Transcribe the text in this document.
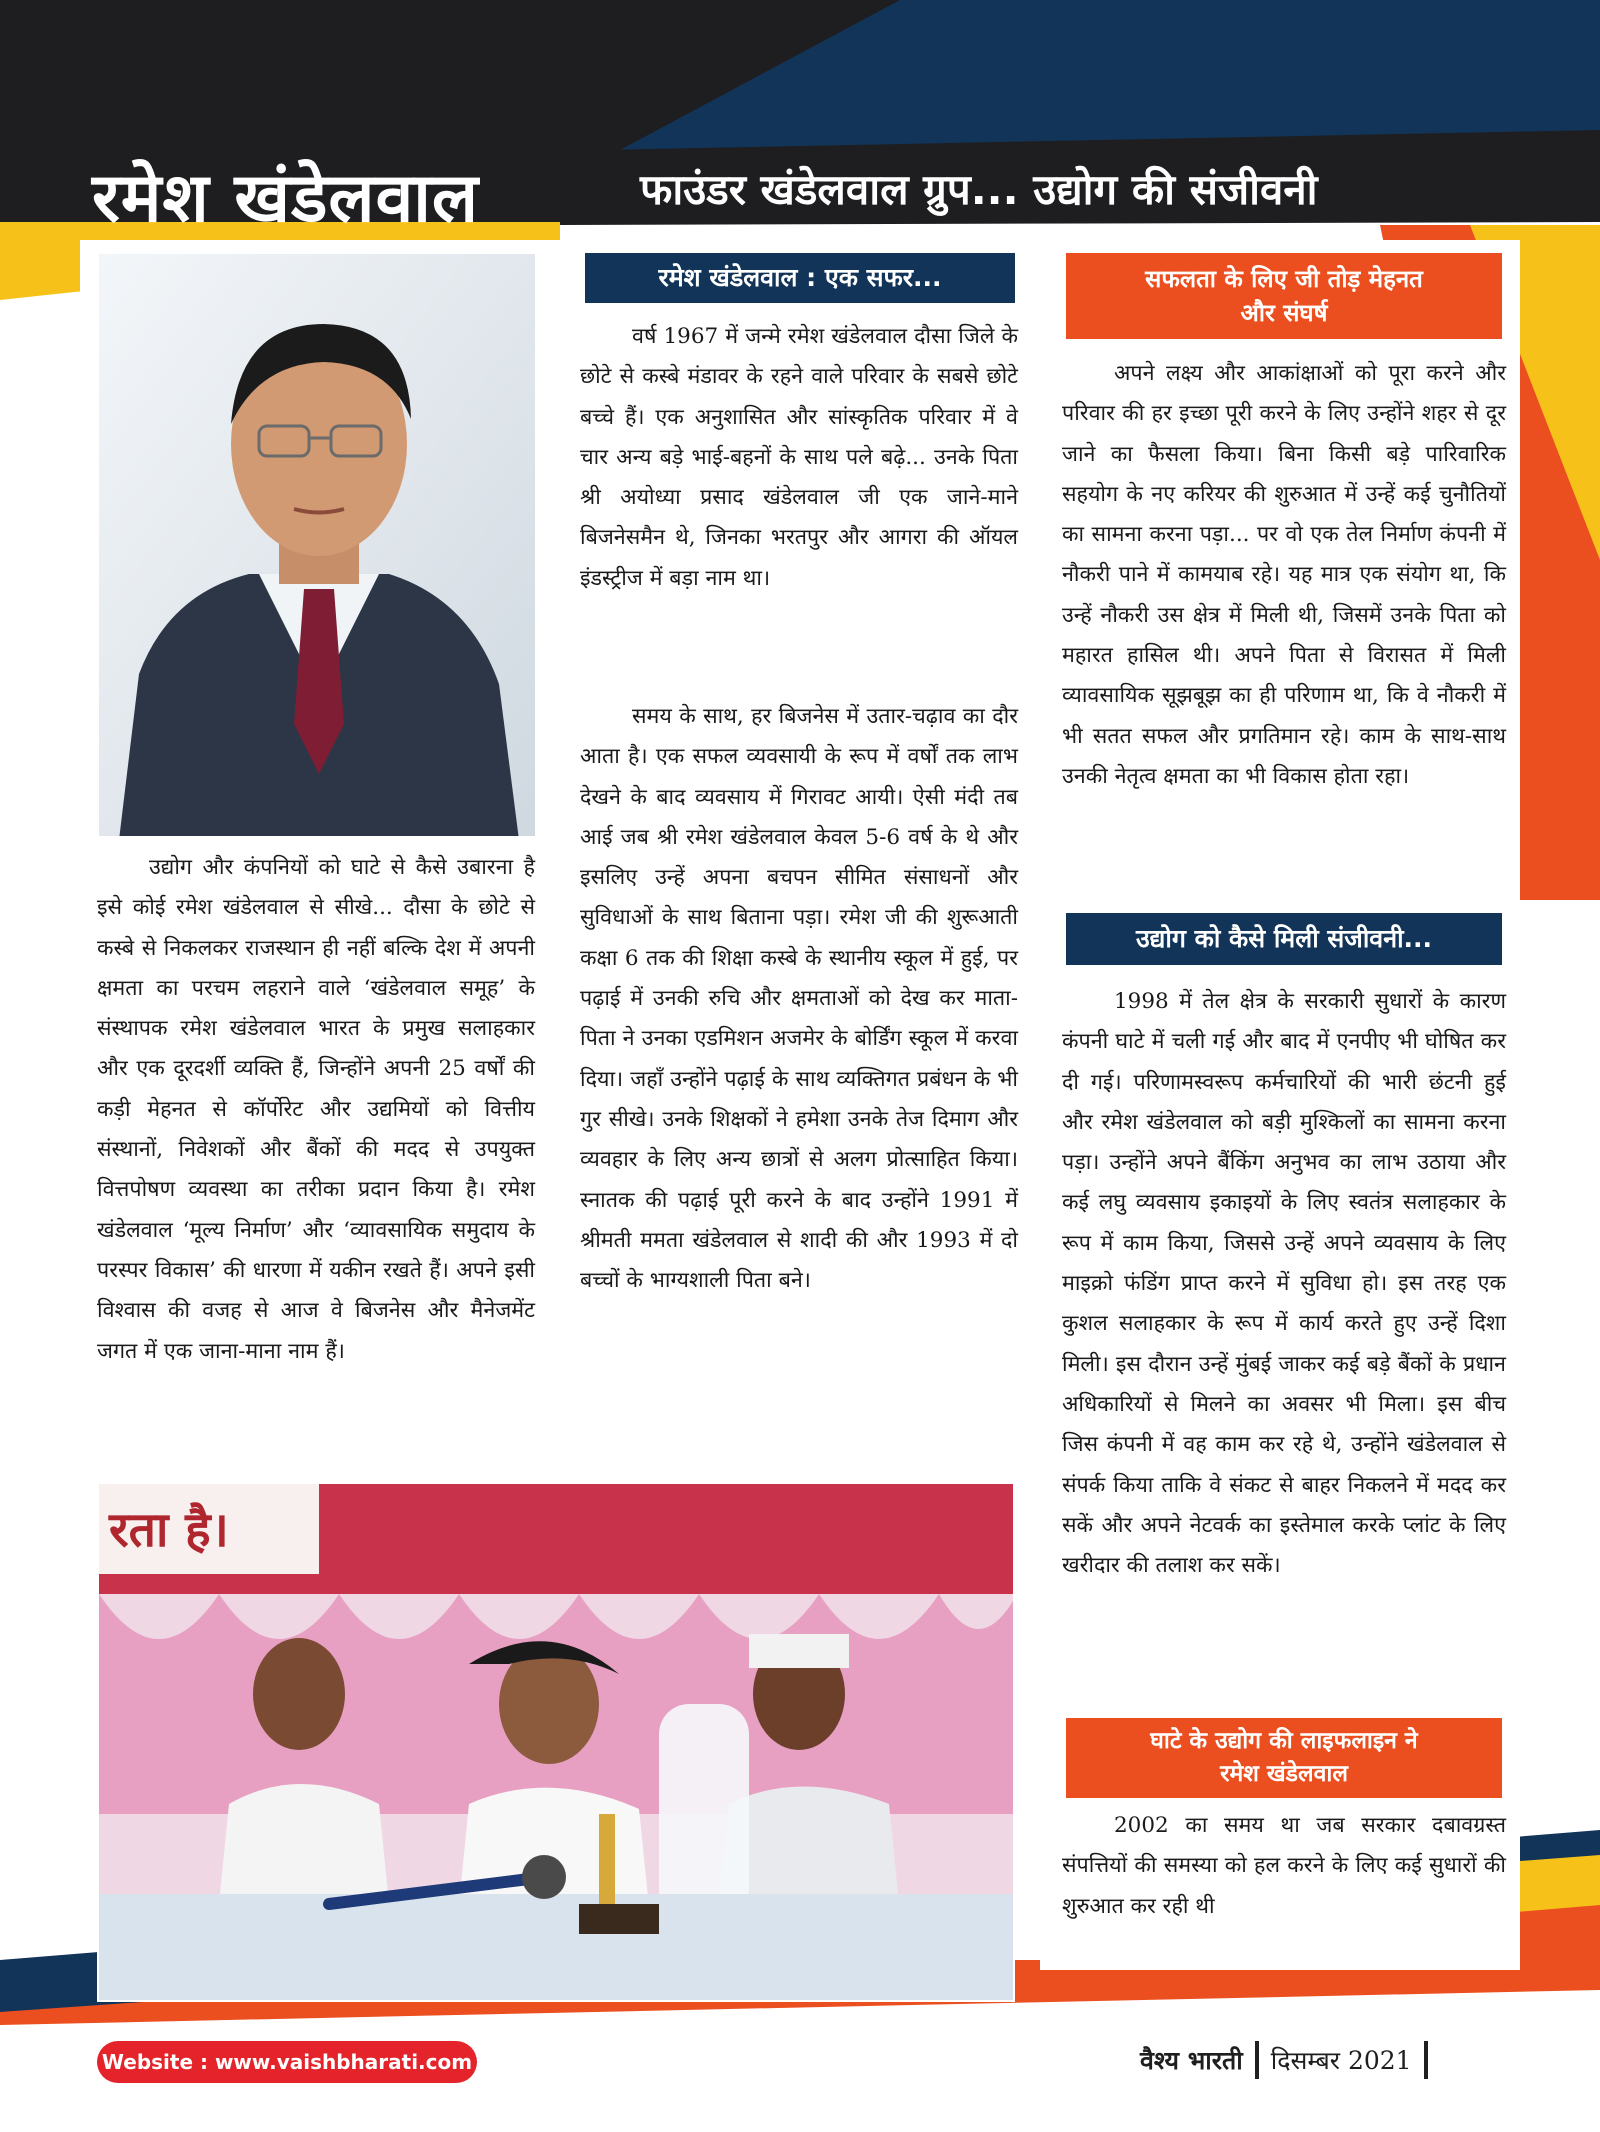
रमेश खंडेलवाल	फाउंडर खंडेलवाल ग्रुप... उद्योग की संजीवनी

उद्योग और कंपनियों को घाटे से कैसे उबारना है इसे कोई रमेश खंडेलवाल से सीखे... दौसा के छोटे से कस्बे से निकलकर राजस्थान ही नहीं बल्कि देश में अपनी क्षमता का परचम लहराने वाले ‘खंडेलवाल समूह’ के संस्थापक रमेश खंडेलवाल भारत के प्रमुख सलाहकार और एक दूरदर्शी व्यक्ति हैं, जिन्होंने अपनी 25 वर्षों की कड़ी मेहनत से कॉर्पोरेट और उद्यमियों को वित्तीय संस्थानों, निवेशकों और बैंकों की मदद से उपयुक्त वित्तपोषण व्यवस्था का तरीका प्रदान किया है। रमेश खंडेलवाल ‘मूल्य निर्माण’ और ‘व्यावसायिक समुदाय के परस्पर विकास’ की धारणा में यकीन रखते हैं। अपने इसी विश्वास की वजह से आज वे बिजनेस और मैनेजमेंट जगत में एक जाना-माना नाम हैं।

रमेश खंडेलवाल : एक सफर...

वर्ष 1967 में जन्मे रमेश खंडेलवाल दौसा जिले के छोटे से कस्बे मंडावर के रहने वाले परिवार के सबसे छोटे बच्चे हैं। एक अनुशासित और सांस्कृतिक परिवार में वे चार अन्य बड़े भाई-बहनों के साथ पले बढ़े... उनके पिता श्री अयोध्या प्रसाद खंडेलवाल जी एक जाने-माने बिजनेसमैन थे, जिनका भरतपुर और आगरा की ऑयल इंडस्ट्रीज में बड़ा नाम था।

समय के साथ, हर बिजनेस में उतार-चढ़ाव का दौर आता है। एक सफल व्यवसायी के रूप में वर्षों तक लाभ देखने के बाद व्यवसाय में गिरावट आयी। ऐसी मंदी तब आई जब श्री रमेश खंडेलवाल केवल 5-6 वर्ष के थे और इसलिए उन्हें अपना बचपन सीमित संसाधनों और सुविधाओं के साथ बिताना पड़ा। रमेश जी की शुरूआती कक्षा 6 तक की शिक्षा कस्बे के स्थानीय स्कूल में हुई, पर पढ़ाई में उनकी रुचि और क्षमताओं को देख कर माता-पिता ने उनका एडमिशन अजमेर के बोर्डिंग स्कूल में करवा दिया। जहाँ उन्होंने पढ़ाई के साथ व्यक्तिगत प्रबंधन के भी गुर सीखे। उनके शिक्षकों ने हमेशा उनके तेज दिमाग और व्यवहार के लिए अन्य छात्रों से अलग प्रोत्साहित किया। स्नातक की पढ़ाई पूरी करने के बाद उन्होंने 1991 में श्रीमती ममता खंडेलवाल से शादी की और 1993 में दो बच्चों के भाग्यशाली पिता बने।

सफलता के लिए जी तोड़ मेहनत
और संघर्ष

अपने लक्ष्य और आकांक्षाओं को पूरा करने और परिवार की हर इच्छा पूरी करने के लिए उन्होंने शहर से दूर जाने का फैसला किया। बिना किसी बड़े पारिवारिक सहयोग के नए करियर की शुरुआत में उन्हें कई चुनौतियों का सामना करना पड़ा... पर वो एक तेल निर्माण कंपनी में नौकरी पाने में कामयाब रहे। यह मात्र एक संयोग था, कि उन्हें नौकरी उस क्षेत्र में मिली थी, जिसमें उनके पिता को महारत हासिल थी। अपने पिता से विरासत में मिली व्यावसायिक सूझबूझ का ही परिणाम था, कि वे नौकरी में भी सतत सफल और प्रगतिमान रहे। काम के साथ-साथ उनकी नेतृत्व क्षमता का भी विकास होता रहा।

उद्योग को कैसे मिली संजीवनी...

1998 में तेल क्षेत्र के सरकारी सुधारों के कारण कंपनी घाटे में चली गई और बाद में एनपीए भी घोषित कर दी गई। परिणामस्वरूप कर्मचारियों की भारी छंटनी हुई और रमेश खंडेलवाल को बड़ी मुश्किलों का सामना करना पड़ा। उन्होंने अपने बैंकिंग अनुभव का लाभ उठाया और कई लघु व्यवसाय इकाइयों के लिए स्वतंत्र सलाहकार के रूप में काम किया, जिससे उन्हें अपने व्यवसाय के लिए माइक्रो फंडिंग प्राप्त करने में सुविधा हो। इस तरह एक कुशल सलाहकार के रूप में कार्य करते हुए उन्हें दिशा मिली। इस दौरान उन्हें मुंबई जाकर कई बड़े बैंकों के प्रधान अधिकारियों से मिलने का अवसर भी मिला। इस बीच जिस कंपनी में वह काम कर रहे थे, उन्होंने खंडेलवाल से संपर्क किया ताकि वे संकट से बाहर निकलने में मदद कर सकें और अपने नेटवर्क का इस्तेमाल करके प्लांट के लिए खरीदार की तलाश कर सकें।

घाटे के उद्योग की लाइफलाइन ने
रमेश खंडेलवाल

2002 का समय था जब सरकार दबावग्रस्त संपत्तियों की समस्या को हल करने के लिए कई सुधारों की शुरुआत कर रही थी

रता है।
Website : www.vaishbharati.com	वैश्य भारती दिसम्बर 2021
